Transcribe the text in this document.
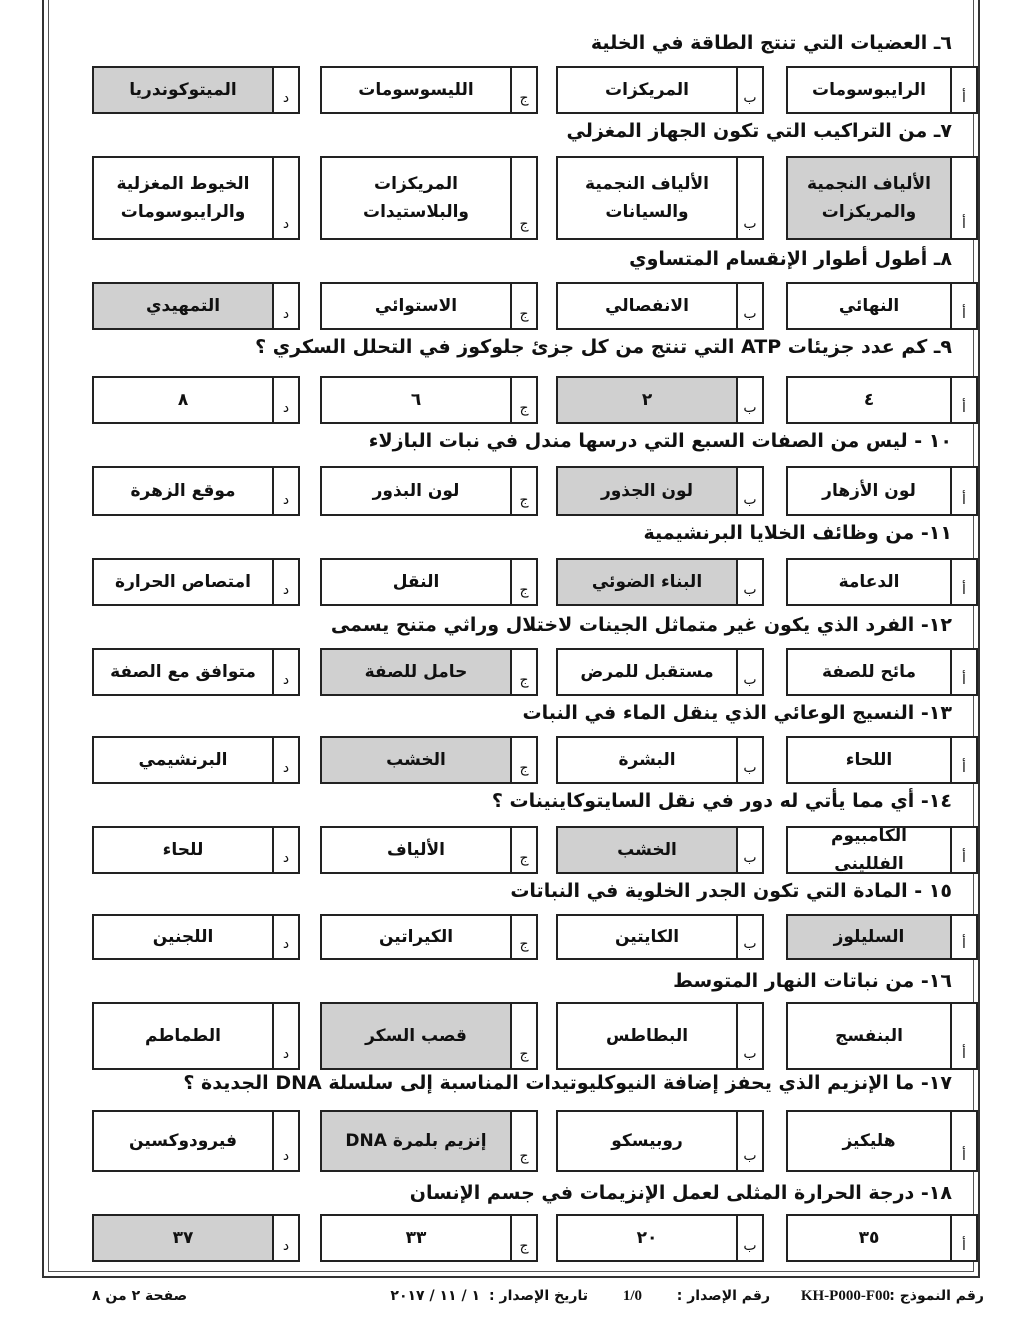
٦ـ العضيات التي تنتج الطاقة في الخلية
الرايبوسومات	أ
المريكزات	ب
الليسوسومات	ج
الميتوكوندريا	د
٧ـ من التراكيب التي تكون الجهاز المغزلي
الألياف النجمية والمريكزات
أ
الألياف النجمية والسيانات
ب
المريكزات والبلاستيدات
ج
الخيوط المغزلية والرايبوسومات
د
٨ـ أطول أطوار الإنقسام المتساوي
النهائي	أ
الانفصالي	ب
الاستوائي	ج
التمهيدي	د
٩ـ كم عدد جزيئات ATP التي تنتج من كل جزئ جلوكوز في التحلل السكري ؟
٤	أ
٢	ب
٦	ج
٨	د
١٠ - ليس من الصفات السبع التي درسها مندل في نبات البازلاء
لون الأزهار	أ
لون الجذور	ب
لون البذور	ج
موقع الزهرة	د
١١- من وظائف الخلايا البرنشيمية
الدعامة	أ
البناء الضوئي	ب
النقل	ج
امتصاص الحرارة	د
١٢- الفرد الذي يكون غير متماثل الجينات لاختلال وراثي متنح يسمى
مائح للصفة	أ
مستقبل للمرض	ب
حامل للصفة	ج
متوافق مع الصفة	د
١٣- النسيج الوعائي الذي ينقل الماء في النبات
اللحاء	أ
البشرة	ب
الخشب	ج
البرنشيمي	د
١٤- أي مما يأتي له دور في نقل السايتوكاينينات ؟
الكامبيوم الفلليني	أ
الخشب	ب
الألياف	ج
للحاء	د
١٥ - المادة التي تكون الجدر الخلوية في النباتات
السليلوز	أ
الكايتين	ب
الكيراتين	ج
اللجنين	د
١٦- من نباتات النهار المتوسط
البنفسج
أ
البطاطس
ب
قصب السكر
ج
الطماطم
د
١٧- ما الإنزيم الذي يحفز إضافة النيوكليوتيدات المناسبة إلى سلسلة DNA الجديدة ؟
هليكيز
أ
روبيسكو
ب
إنزيم بلمرة DNA
ج
فيرودوكسين
د
١٨- درجة الحرارة المثلى لعمل الإنزيمات في جسم الإنسان
٣٥	أ
٢٠	ب
٣٣	ج
٣٧	د
رقم النموذج :
KH-P000-F00
رقم الإصدار :
1/0
تاريخ الإصدار :
١ / ١١ / ٢٠١٧
صفحة ٢ من ٨
